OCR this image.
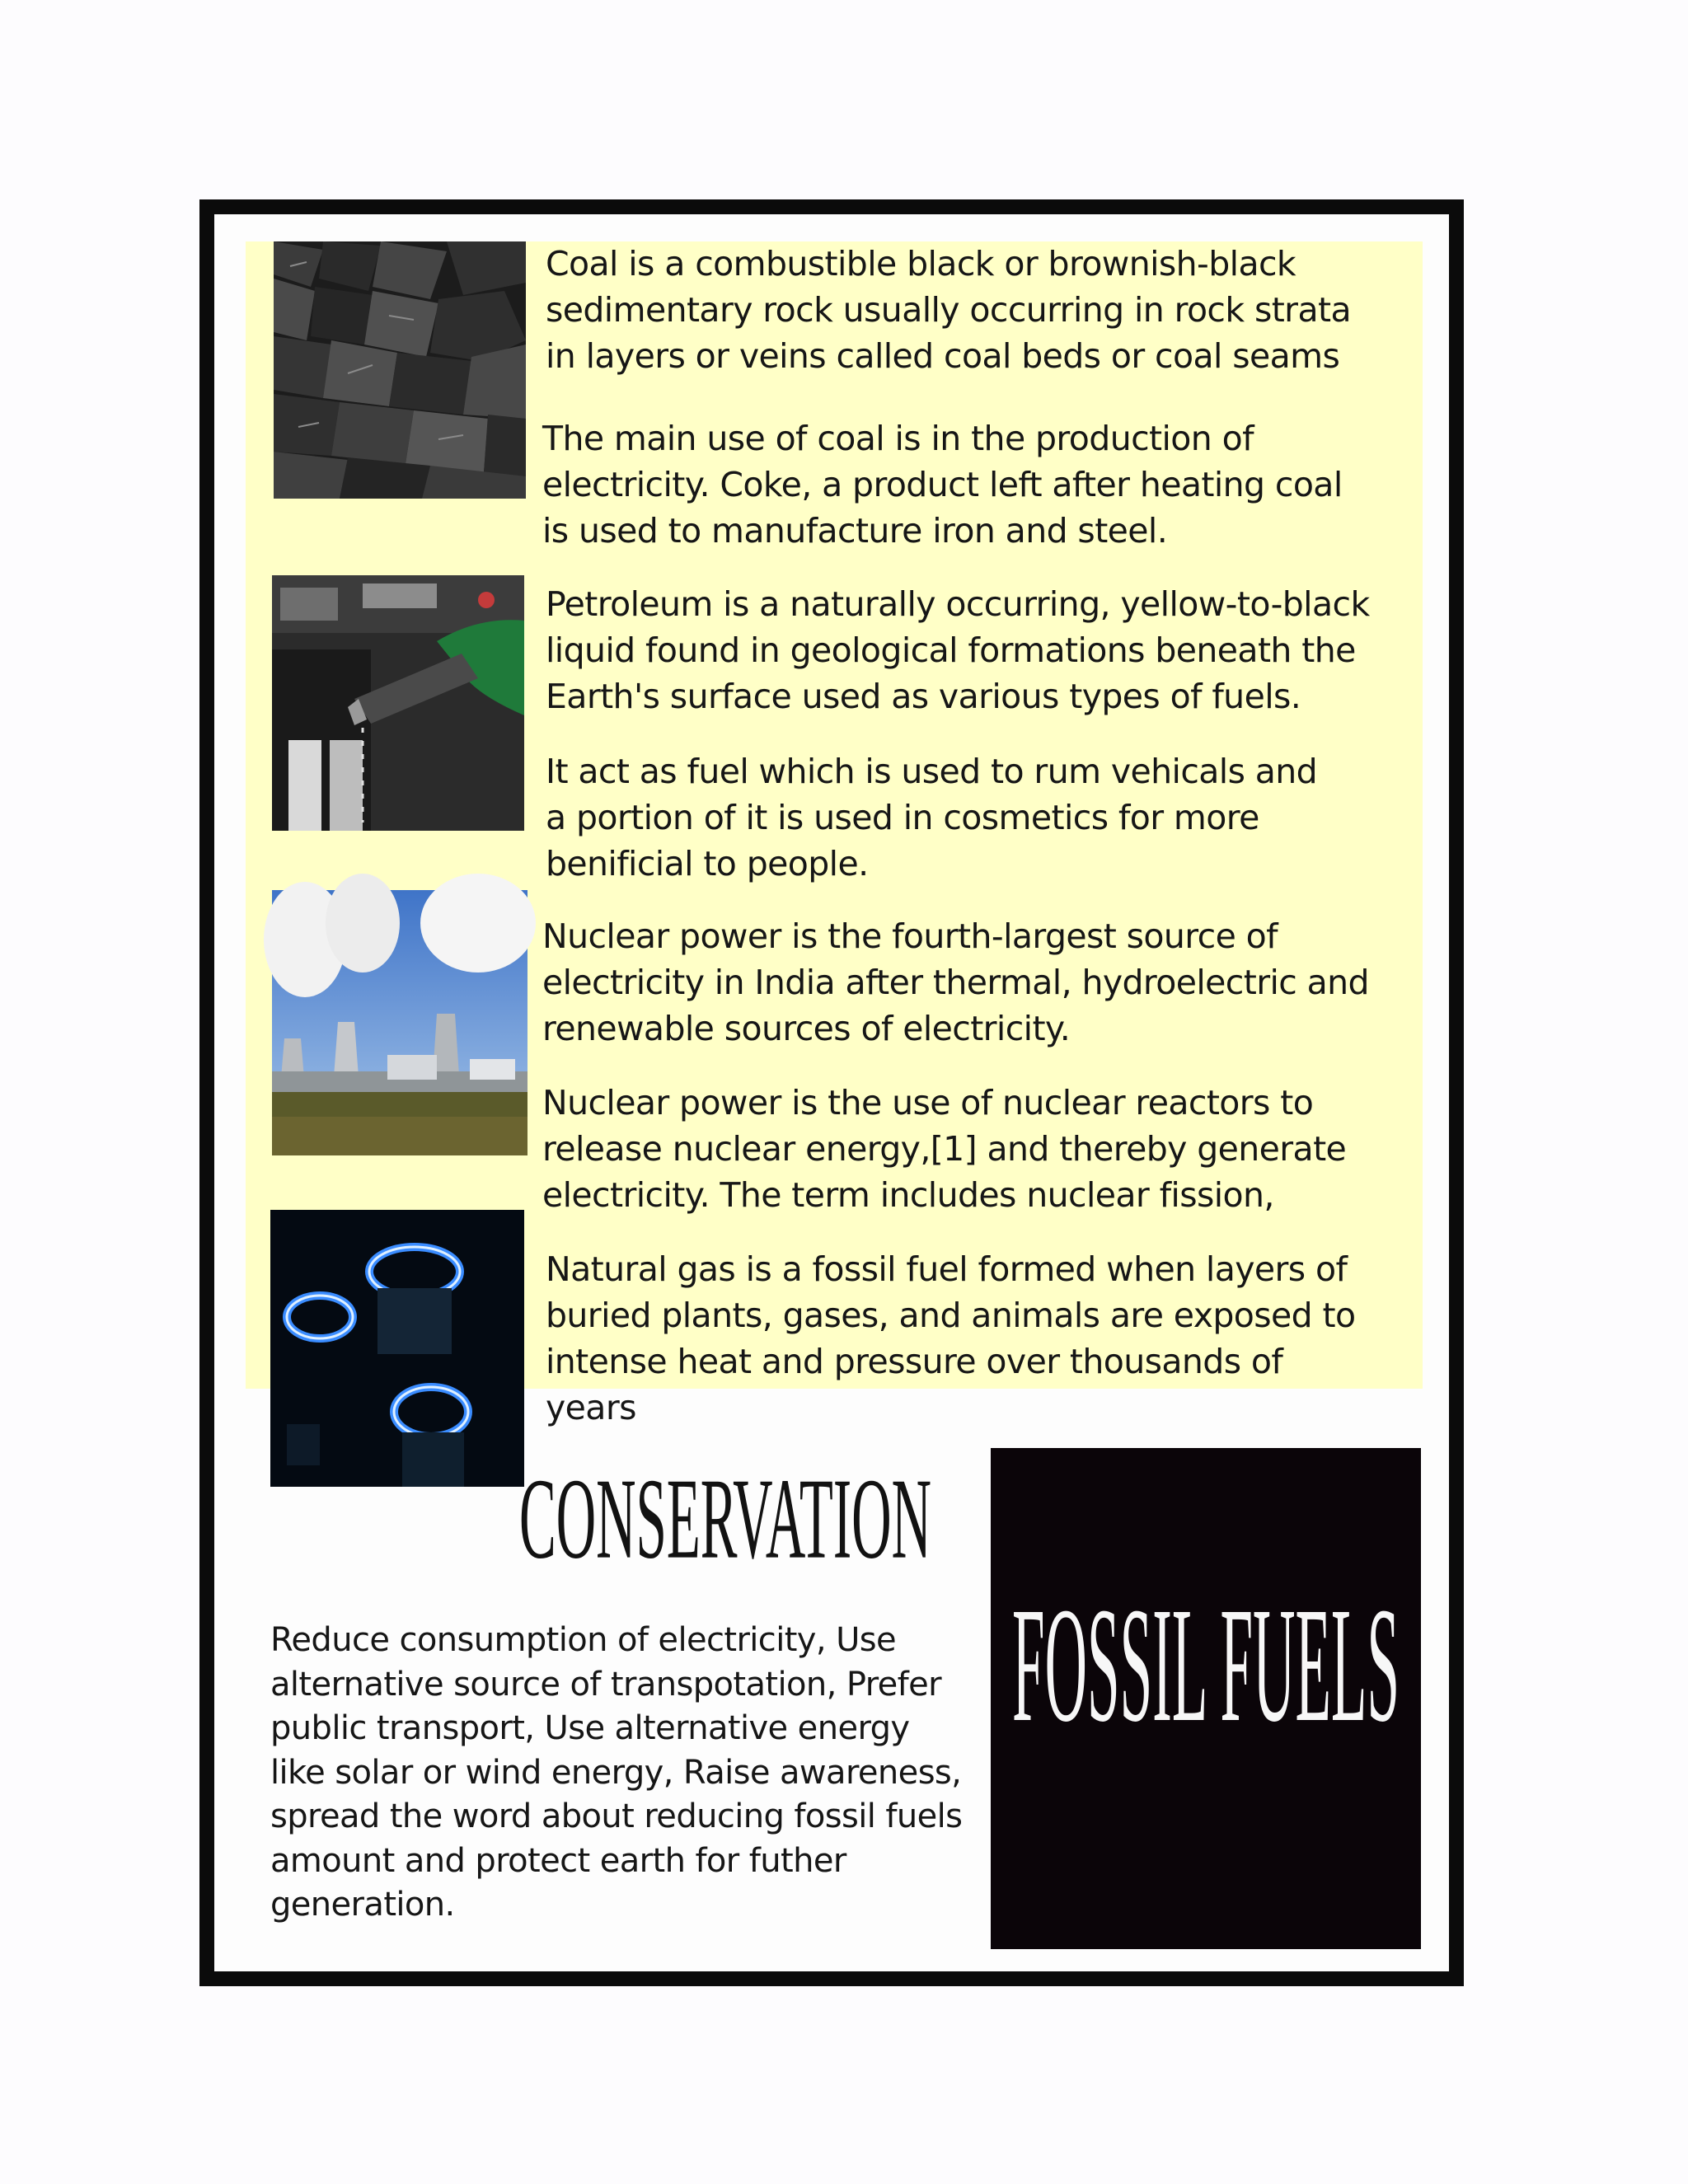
Coal is a combustible black or brownish-black sedimentary rock usually occurring in rock strata in layers or veins called coal beds or coal seams
The main use of coal is in the production of electricity. Coke, a product left after heating coal is used to manufacture iron and steel.
Petroleum is a naturally occurring, yellow-to-black liquid found in geological formations beneath the Earth's surface used as various types of fuels.
It act as fuel which is used to rum vehicals and a portion of it is used in cosmetics for more benificial to people.
Nuclear power is the fourth-largest source of electricity in India after thermal, hydroelectric and renewable sources of electricity.
Nuclear power is the use of nuclear reactors to release nuclear energy,[1] and thereby generate electricity. The term includes nuclear fission,
Natural gas is a fossil fuel formed when layers of buried plants, gases, and animals are exposed to intense heat and pressure over thousands of years
CONSERVATION
Reduce consumption of electricity, Use alternative source of transpotation, Prefer public transport, Use alternative energy like solar or wind energy, Raise awareness, spread the word about reducing fossil fuels amount and protect earth for futher generation.
FOSSIL FUELS
